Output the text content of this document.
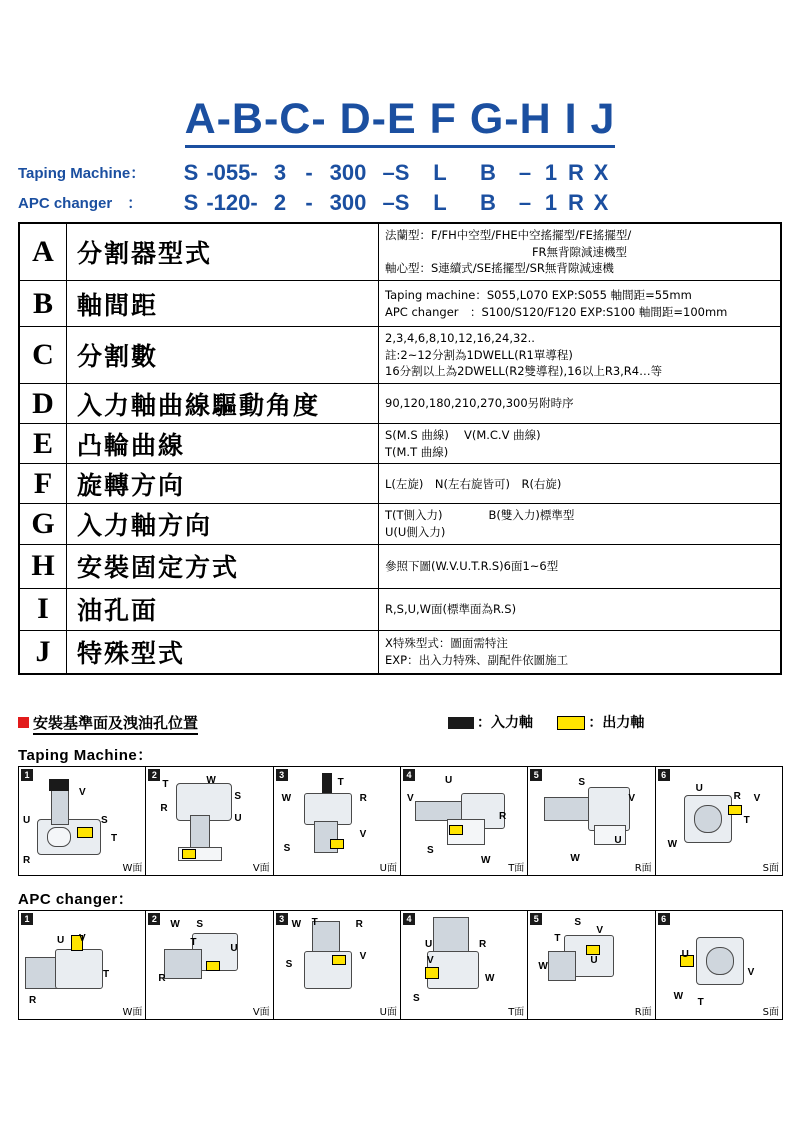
A-B-C- D-E F G-H I J
Taping Machine：	S -055- 3 - 300 –S L B – 1 R X
APC changer　：	S -120- 2 - 300 –S L B – 1 R X
A	分割器型式	法蘭型：F/FH中空型/FHE中空搖擺型/FE搖擺型/

FR無背隙減速機型
軸心型：S連續式/SE搖擺型/SR無背隙減速機
B	軸間距	Taping machine：S055,L070 EXP:S055 軸間距=55mm
APC changer　：S100/S120/F120 EXP:S100 軸間距=100mm
C	分割數	2,3,4,6,8,10,12,16,24,32..
註:2~12分割為1DWELL(R1單導程)
16分割以上為2DWELL(R2雙導程),16以上R3,R4…等
D	入力軸曲線驅動角度	90,120,180,210,270,300另附時序
E	凸輪曲線	S(M.S 曲線)　 V(M.C.V 曲線)
T(M.T 曲線)
F	旋轉方向	L(左旋)　N(左右旋皆可)　R(右旋)
G	入力軸方向	T(T側入力)　　　　B(雙入力)標準型
U(U側入力)
H	安裝固定方式	參照下圖(W.V.U.T.R.S)6面1~6型
I	油孔面	R,S,U,W面(標準面為R.S)
J	特殊型式	X特殊型式：圖面需特注
EXP：出入力特殊、副配件依圖施工
安裝基準面及洩油孔位置	：入力軸	：出力軸
Taping Machine：
1
V
U	S
T
R
W面
2
T	W
S
R
U
V面
3
T
W	R
S
V
U面
4	U
V
R
S
W
T面
5
S
V
U
W
R面
6
U
R V
T
W
S面
APC changer：
1
U V
T
R
W面
2	W S
T
U
R
V面
3 W T	R
V
S
U面
4
U	R
V
W
S
T面
5	S
V
T
U
W
R面
6
U
V
W
T
S面
